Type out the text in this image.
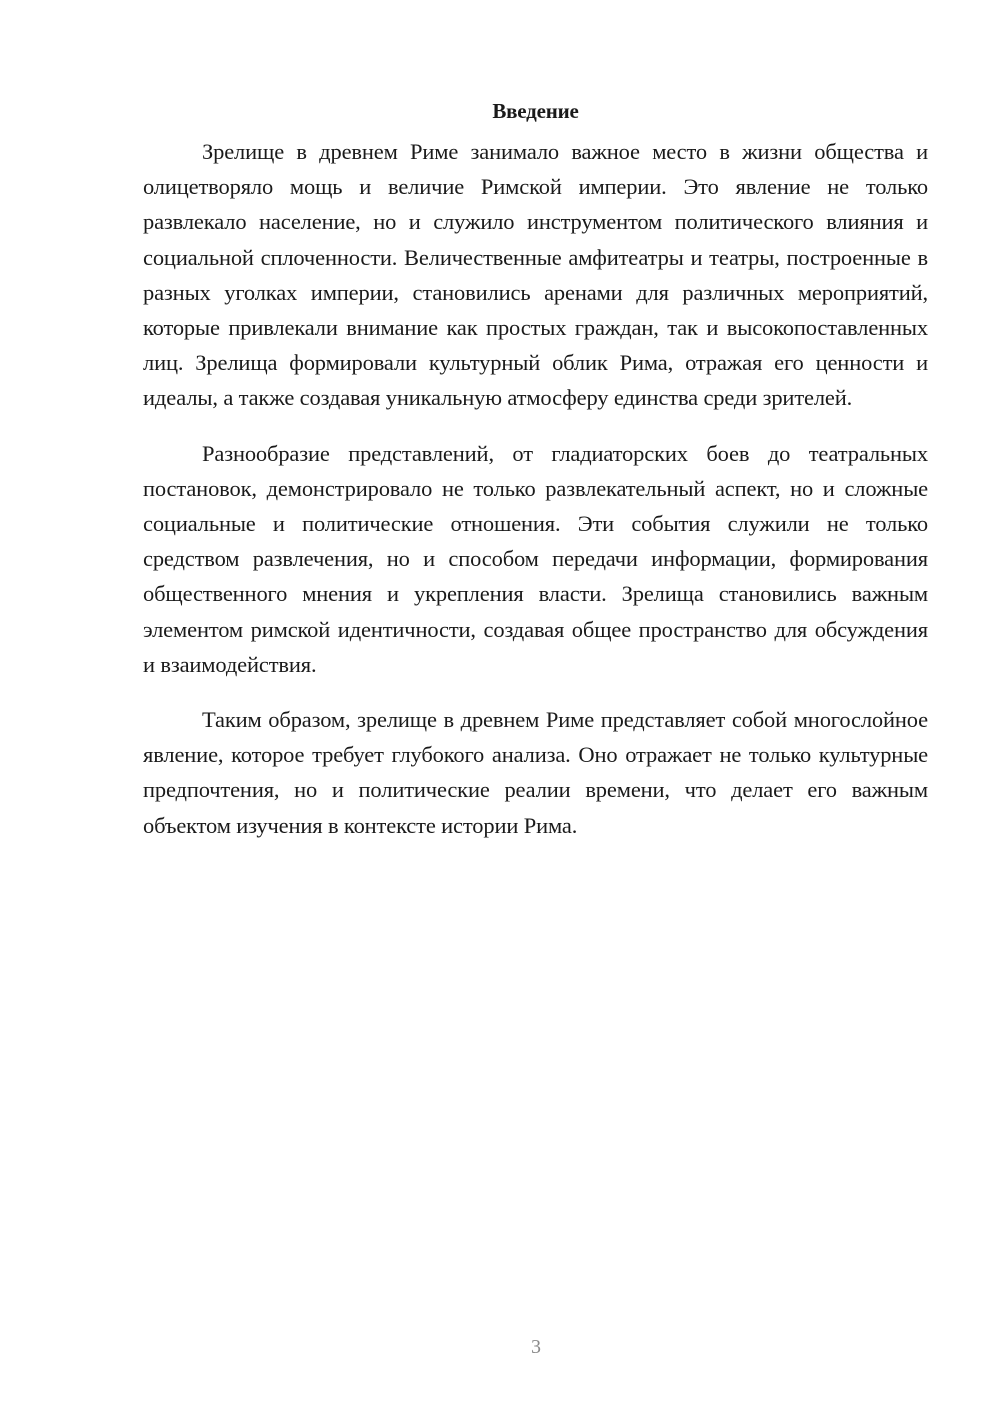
Введение

Зрелище в древнем Риме занимало важное место в жизни общества и олицетворяло мощь и величие Римской империи. Это явление не только развлекало население, но и служило инструментом политического влияния и социальной сплоченности. Величественные амфитеатры и театры, построенные в разных уголках империи, становились аренами для различных мероприятий, которые привлекали внимание как простых граждан, так и высокопоставленных лиц. Зрелища формировали культурный облик Рима, отражая его ценности и идеалы, а также создавая уникальную атмосферу единства среди зрителей.

Разнообразие представлений, от гладиаторских боев до театральных постановок, демонстрировало не только развлекательный аспект, но и сложные социальные и политические отношения. Эти события служили не только средством развлечения, но и способом передачи информации, формирования общественного мнения и укрепления власти. Зрелища становились важным элементом римской идентичности, создавая общее пространство для обсуждения и взаимодействия.

Таким образом, зрелище в древнем Риме представляет собой многослойное явление, которое требует глубокого анализа. Оно отражает не только культурные предпочтения, но и политические реалии времени, что делает его важным объектом изучения в контексте истории Рима.

3
